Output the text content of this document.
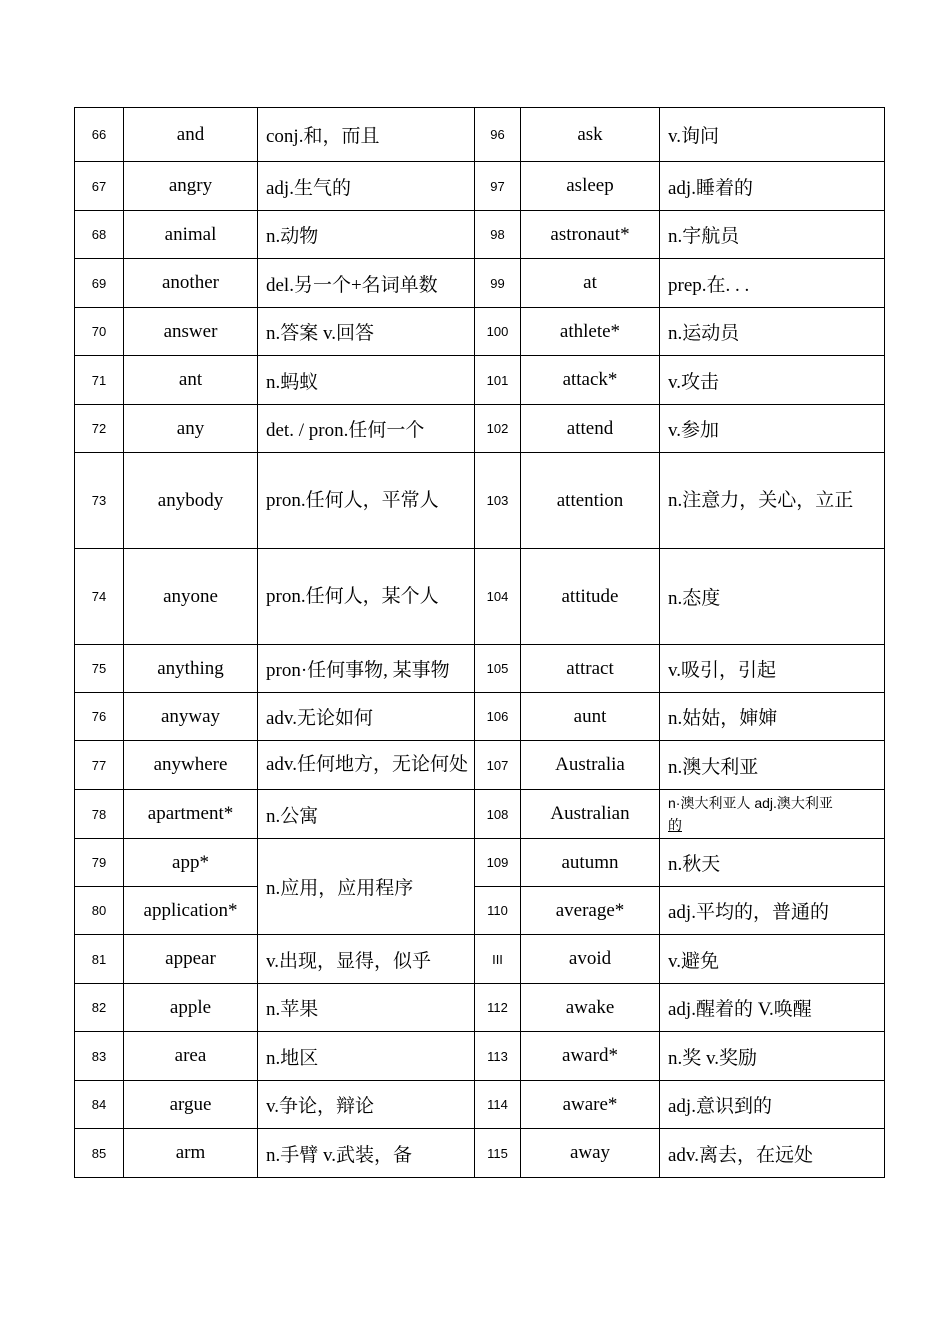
66	and	conj.和，而且	96	ask	v.询问
67	angry	adj.生气的	97	asleep	adj.睡着的
68	animal	n.动物	98	astronaut*	n.宇航员
69	another	del.另一个+名词单数	99	at	prep.在. . .
70	answer	n.答案 v.回答	100	athlete*	n.运动员
71	ant	n.蚂蚁	101	attack*	v.攻击
72	any	det. / pron.任何一个	102	attend	v.参加
73	anybody	pron.任何人，平常人	103	attention	n.注意力，关心，立正
74	anyone	pron.任何人，某个人	104	attitude	n.态度
75	anything	pron·任何事物, 某事物	105	attract	v.吸引，引起
76	anyway	adv.无论如何	106	aunt	n.姑姑，婶婶
77	anywhere	adv.任何地方，无论何处	107	Australia	n.澳大利亚
78	apartment*	n.公寓	108	Australian	n·澳大利亚人 adj.澳大利亚
的
79	app*	n.应用，应用程序	109	autumn	n.秋天
80	application*		110	average*	adj.平均的，普通的
81	appear	v.出现，显得，似乎	III	avoid	v.避免
82	apple	n.苹果	112	awake	adj.醒着的 V.唤醒
83	area	n.地区	113	award*	n.奖 v.奖励
84	argue	v.争论，辩论	114	aware*	adj.意识到的
85	arm	n.手臂 v.武装，备	115	away	adv.离去，在远处
